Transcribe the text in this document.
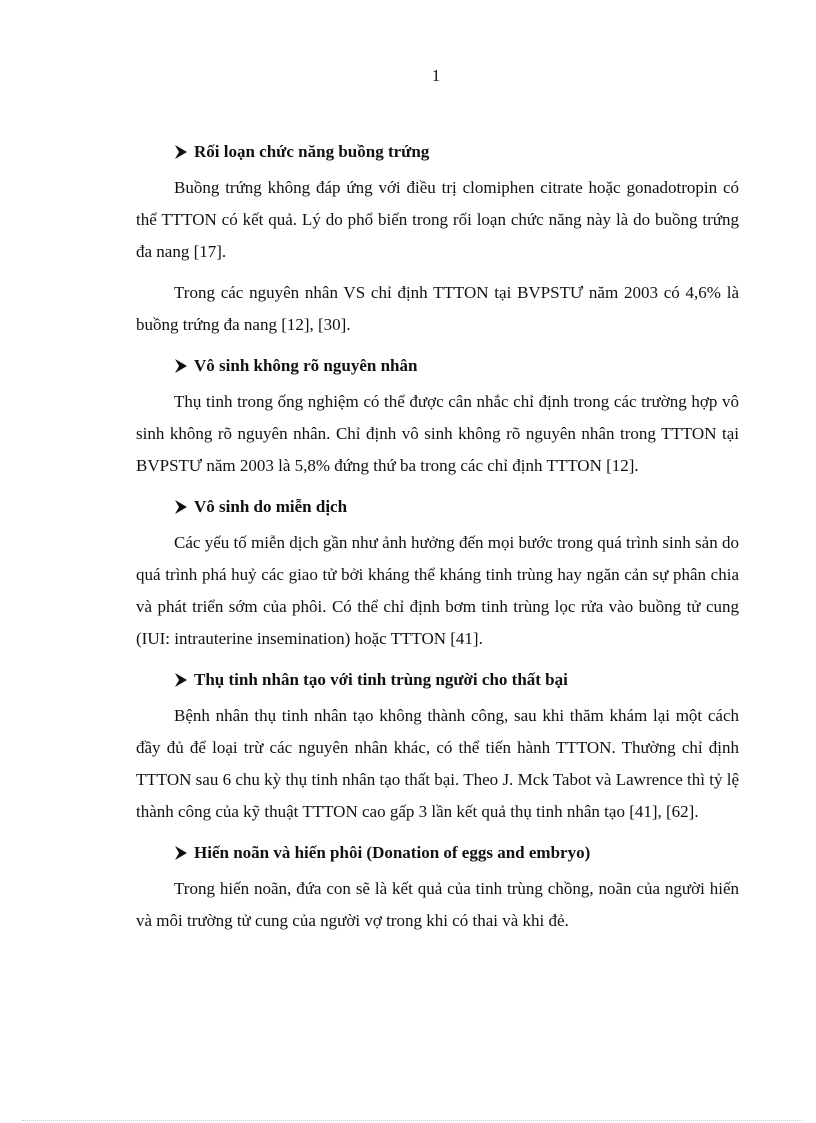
1
Rối loạn chức năng buồng trứng

Buồng trứng không đáp ứng với điều trị clomiphen citrate hoặc gonadotropin có thể TTTON có kết quả. Lý do phổ biến trong rối loạn chức năng này là do buồng trứng đa nang [17].

Trong các nguyên nhân VS chỉ định TTTON tại BVPSTƯ năm 2003 có 4,6% là buồng trứng đa nang [12], [30].

Vô sinh không rõ nguyên nhân

Thụ tinh trong ống nghiệm có thể được cân nhắc chỉ định trong các trường hợp vô sinh không rõ nguyên nhân. Chỉ định vô sinh không rõ nguyên nhân trong TTTON tại BVPSTƯ năm 2003 là 5,8% đứng thứ ba trong các chỉ định TTTON [12].

Vô sinh do miễn dịch

Các yếu tố miễn dịch gần như ảnh hưởng đến mọi bước trong quá trình sinh sản do quá trình phá huỷ các giao tử bởi kháng thể kháng tinh trùng hay ngăn cản sự phân chia và phát triển sớm của phôi. Có thể chỉ định bơm tinh trùng lọc rửa vào buồng tử cung (IUI: intrauterine insemination) hoặc TTTON [41].

Thụ tinh nhân tạo với tinh trùng người cho thất bại

Bệnh nhân thụ tinh nhân tạo không thành công, sau khi thăm khám lại một cách đầy đủ để loại trừ các nguyên nhân khác, có thể tiến hành TTTON. Thường chỉ định TTTON sau 6 chu kỳ thụ tinh nhân tạo thất bại. Theo J. Mck Tabot và Lawrence thì tỷ lệ thành công của kỹ thuật TTTON cao gấp 3 lần kết quả thụ tinh nhân tạo [41], [62].

Hiến noãn và hiến phôi (Donation of eggs and embryo)

Trong hiến noãn, đứa con sẽ là kết quả của tinh trùng chồng, noãn của người hiến và môi trường tử cung của người vợ trong khi có thai và khi đẻ.
